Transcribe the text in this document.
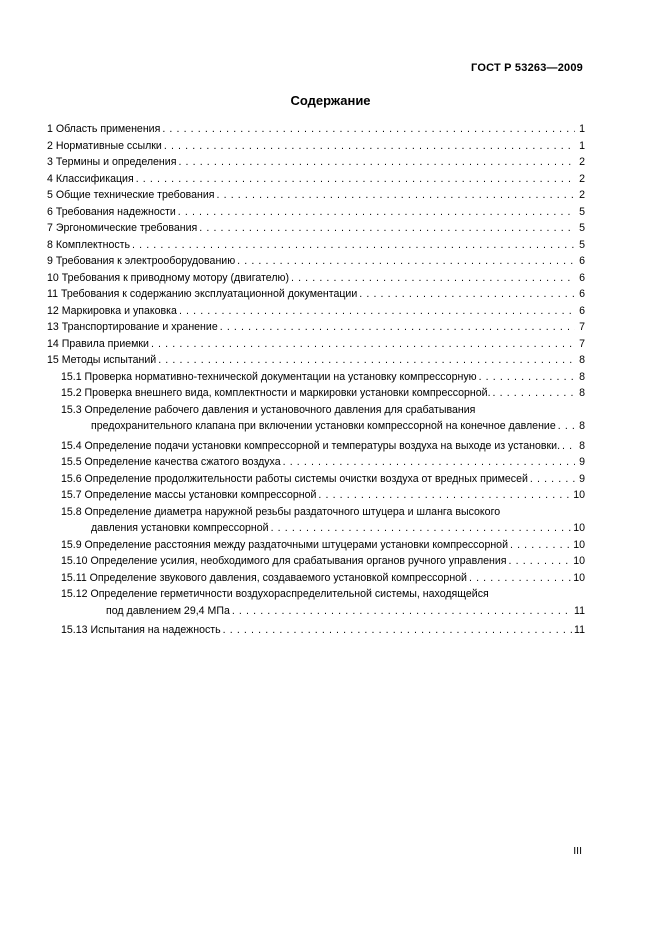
ГОСТ Р 53263—2009
Содержание
1 Область применения . . .	1
2 Нормативные ссылки . . .	1
3 Термины и определения . . .	2
4 Классификация . . .	2
5 Общие технические требования . . .	2
6 Требования надежности . . .	5
7 Эргономические требования . . .	5
8 Комплектность . . .	5
9 Требования к электрооборудованию . . .	6
10 Требования к приводному мотору (двигателю) . . .	6
11 Требования к содержанию эксплуатационной документации . . .	6
12 Маркировка и упаковка . . .	6
13 Транспортирование и хранение . . .	7
14 Правила приемки . . .	7
15 Методы испытаний . . .	8
15.1 Проверка нормативно-технической документации на установку компрессорную . . .	8
15.2 Проверка внешнего вида, комплектности и маркировки установки компрессорной. . . .	8
15.3 Определение рабочего давления и установочного давления для срабатывания
предохранительного клапана при включении установки компрессорной на конечное давление . . . 8
15.4 Определение подачи установки компрессорной и температуры воздуха на выходе из установки. . . . 8
15.5 Определение качества сжатого воздуха . . .	9
15.6 Определение продолжительности работы системы очистки воздуха от вредных примесей . . .	9
15.7 Определение массы установки компрессорной . . .	10
15.8 Определение диаметра наружной резьбы раздаточного штуцера и шланга высокого
давления установки компрессорной . . .	10
15.9 Определение расстояния между раздаточными штуцерами установки компрессорной . . .	10
15.10 Определение усилия, необходимого для срабатывания органов ручного управления . . .	10
15.11 Определение звукового давления, создаваемого установкой компрессорной . . .	10
15.12 Определение герметичности воздухораспределительной системы, находящейся
под давлением 29,4 МПа . . .	11
15.13 Испытания на надежность . . .	11
III
